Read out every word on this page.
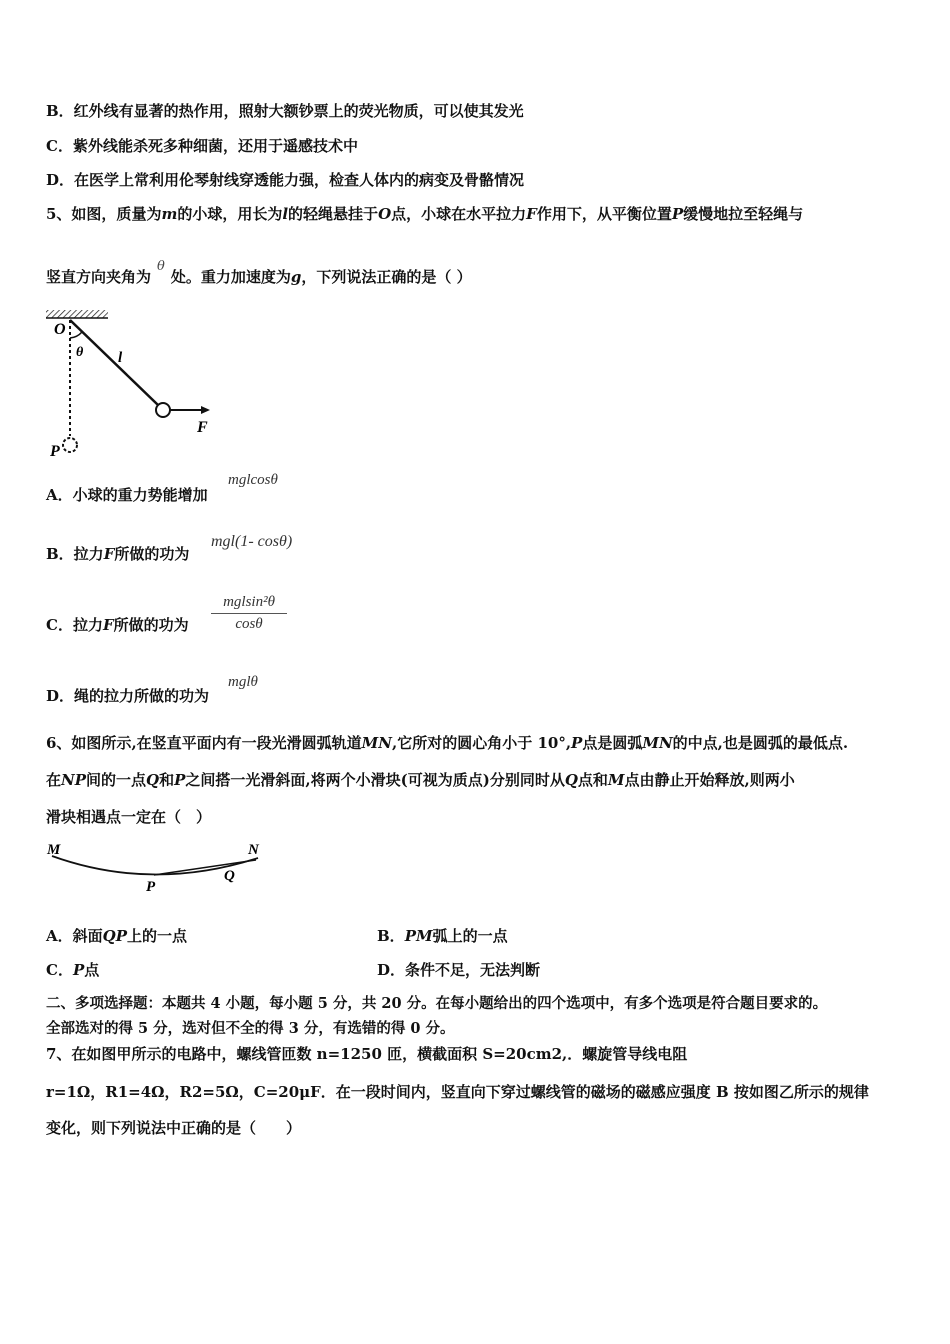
B．红外线有显著的热作用，照射大额钞票上的荧光物质，可以使其发光
C．紫外线能杀死多种细菌，还用于遥感技术中
D．在医学上常利用伦琴射线穿透能力强，检查人体内的病变及骨骼情况
5、如图，质量为m的小球，用长为l的轻绳悬挂于O点，小球在水平拉力F作用下，从平衡位置P缓慢地拉至轻绳与
竖直方向夹角为θ处。重力加速度为g，下列说法正确的是（ ）
O
θ l
F
P
A．小球的重力势能增加
mglcosθ
B．拉力F所做的功为
mgl(1- cosθ)
C．拉力F所做的功为
mglsin²θ
cosθ
D．绳的拉力所做的功为
mglθ
6、如图所示,在竖直平面内有一段光滑圆弧轨道MN,它所对的圆心角小于 10°,P点是圆弧MN的中点,也是圆弧的最低点.
在NP间的一点Q和P之间搭一光滑斜面,将两个小滑块(可视为质点)分别同时从Q点和M点由静止开始释放,则两小
滑块相遇点一定在（　）
M	N
P
Q
A．斜面QP上的一点	B．PM弧上的一点
C．P点	D．条件不足，无法判断
二、多项选择题：本题共 4 小题，每小题 5 分，共 20 分。在每小题给出的四个选项中，有多个选项是符合题目要求的。
全部选对的得 5 分，选对但不全的得 3 分，有选错的得 0 分。
7、在如图甲所示的电路中，螺线管匝数 n=1250 匝，横截面积 S=20cm2,．螺旋管导线电阻
r=1Ω，R1=4Ω，R2=5Ω，C=20μF．在一段时间内，竖直向下穿过螺线管的磁场的磁感应强度 B 按如图乙所示的规律
变化，则下列说法中正确的是（　　）
